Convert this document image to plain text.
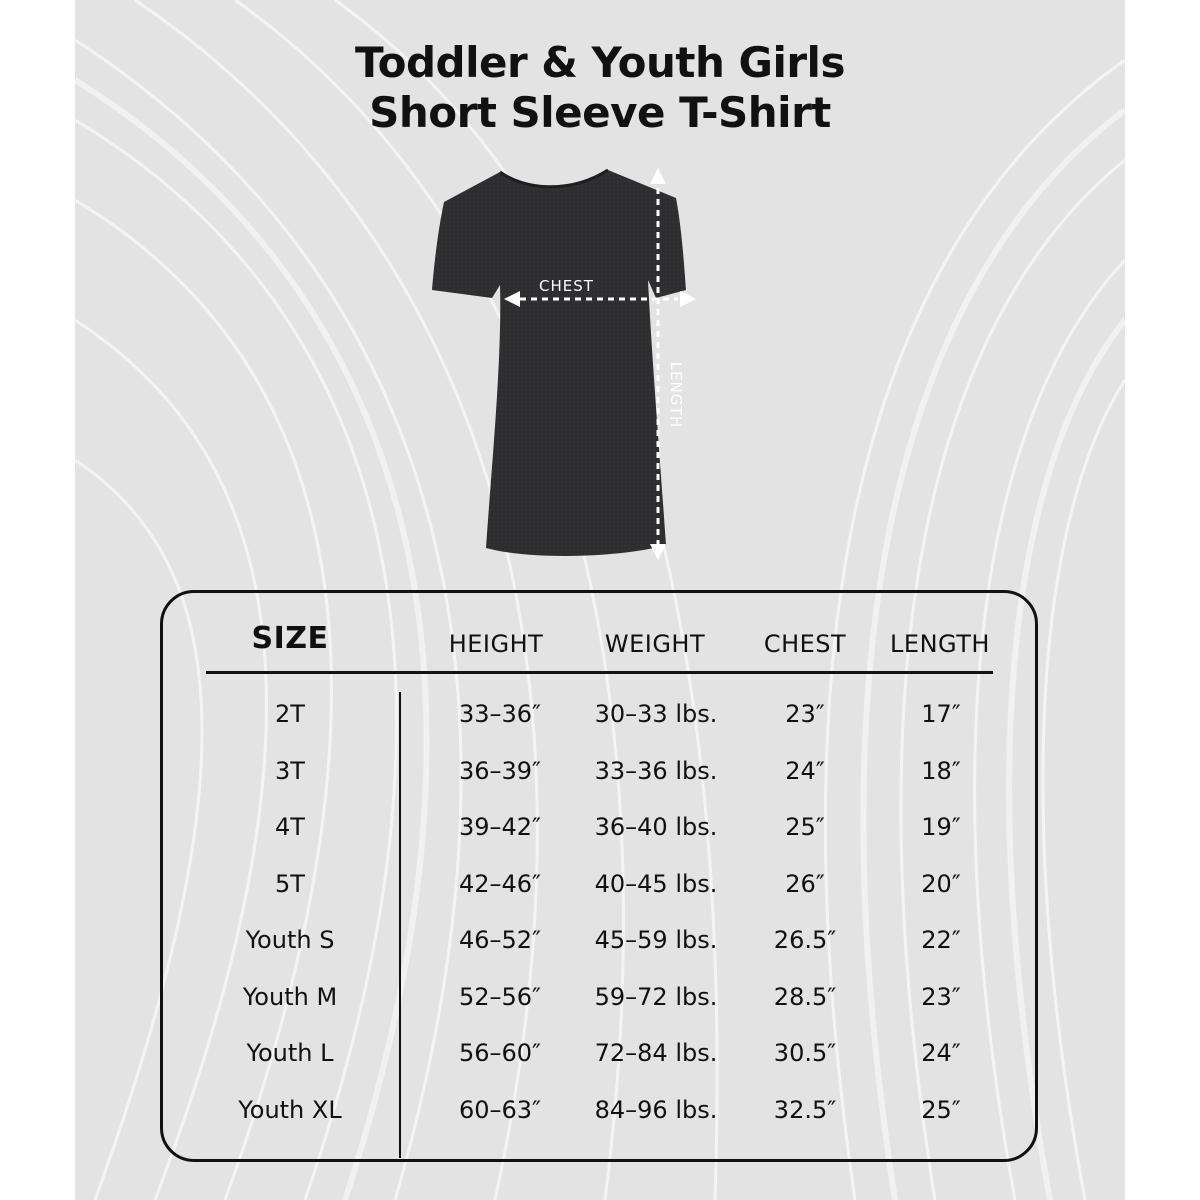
Toddler & Youth Girls
Short Sleeve T-Shirt
CHEST
LENGTH
SIZE	HEIGHT	WEIGHT	CHEST	LENGTH
2T	33–36″ 30–33 lbs.	23″	17″
3T	36–39″ 33–36 lbs.	24″	18″
4T	39–42″ 36–40 lbs.	25″	19″
5T	42–46″ 40–45 lbs.	26″	20″
Youth S	46–52″ 45–59 lbs. 26.5″	22″
Youth M	52–56″ 59–72 lbs. 28.5″	23″
Youth L	56–60″ 72–84 lbs. 30.5″	24″
Youth XL	60–63″ 84–96 lbs. 32.5″	25″
